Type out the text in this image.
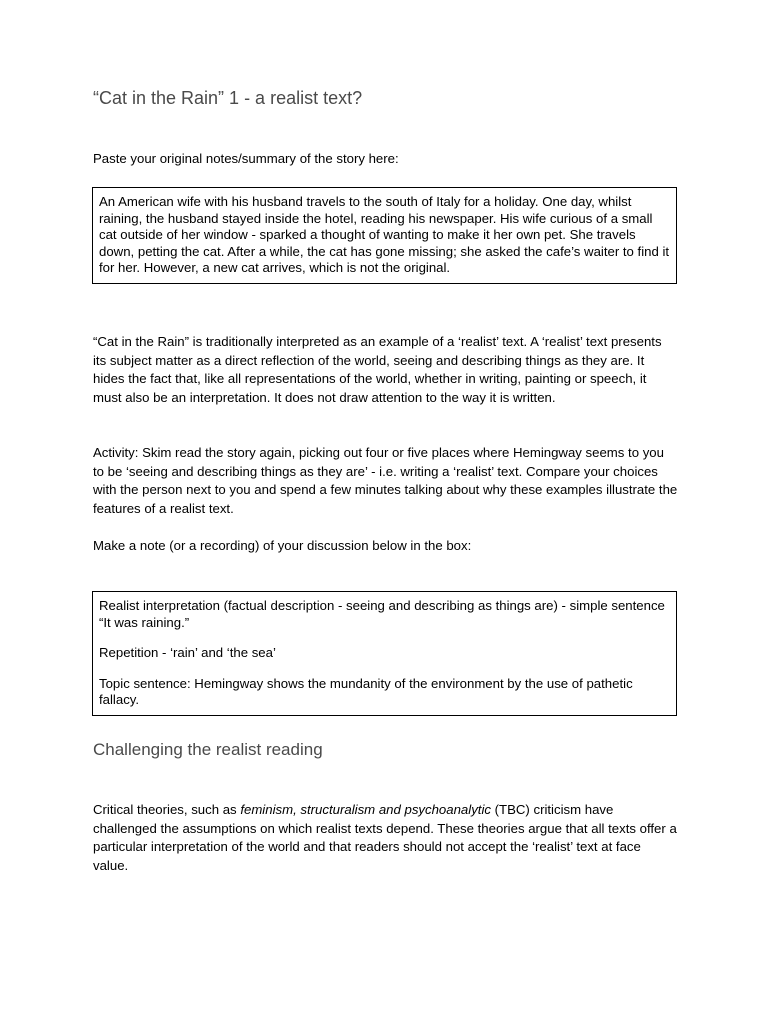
“Cat in the Rain” 1 - a realist text?

Paste your original notes/summary of the story here:

An American wife with his husband travels to the south of Italy for a holiday. One day, whilst raining, the husband stayed inside the hotel, reading his newspaper. His wife curious of a small cat outside of her window - sparked a thought of wanting to make it her own pet. She travels down, petting the cat. After a while, the cat has gone missing; she asked the cafe’s waiter to find it for her. However, a new cat arrives, which is not the original.

“Cat in the Rain” is traditionally interpreted as an example of a ‘realist’ text. A ‘realist’ text presents its subject matter as a direct reflection of the world, seeing and describing things as they are. It hides the fact that, like all representations of the world, whether in writing, painting or speech, it must also be an interpretation. It does not draw attention to the way it is written.

Activity: Skim read the story again, picking out four or five places where Hemingway seems to you to be ‘seeing and describing things as they are’ - i.e. writing a ‘realist’ text. Compare your choices with the person next to you and spend a few minutes talking about why these examples illustrate the features of a realist text.

Make a note (or a recording) of your discussion below in the box:

Realist interpretation (factual description - seeing and describing as things are) - simple sentence “It was raining.”

Repetition - ‘rain’ and ‘the sea’

Topic sentence: Hemingway shows the mundanity of the environment by the use of pathetic fallacy.

Challenging the realist reading

Critical theories, such as feminism, structuralism and psychoanalytic (TBC) criticism have challenged the assumptions on which realist texts depend. These theories argue that all texts offer a particular interpretation of the world and that readers should not accept the ‘realist’ text at face value.
